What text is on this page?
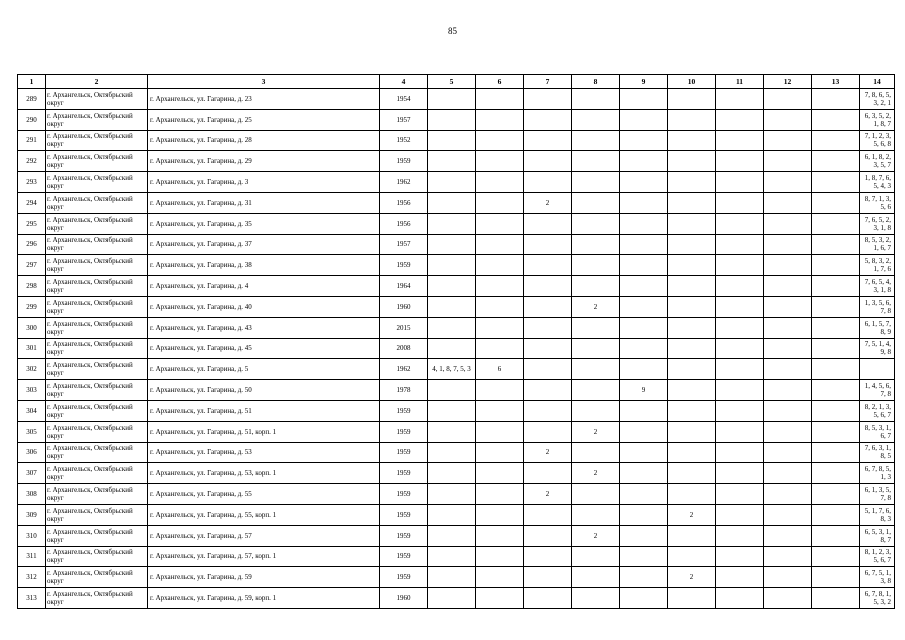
85
1	2	3	4	5	6	7	8	9	10	11	12	13	14
289	г. Архангельск, Октябрьский округ	г. Архангельск, ул. Гагарина, д. 23	1954										7, 8, 6, 5, 3, 2, 1
290	г. Архангельск, Октябрьский округ	г. Архангельск, ул. Гагарина, д. 25	1957										6, 3, 5, 2, 1, 8, 7
291	г. Архангельск, Октябрьский округ	г. Архангельск, ул. Гагарина, д. 28	1952										7, 1, 2, 3, 5, 6, 8
292	г. Архангельск, Октябрьский округ	г. Архангельск, ул. Гагарина, д. 29	1959										6, 1, 8, 2, 3, 5, 7
293	г. Архангельск, Октябрьский округ	г. Архангельск, ул. Гагарина, д. 3	1962										1, 8, 7, 6, 5, 4, 3
294	г. Архангельск, Октябрьский округ	г. Архангельск, ул. Гагарина, д. 31	1956			2							8, 7, 1, 3, 5, 6
295	г. Архангельск, Октябрьский округ	г. Архангельск, ул. Гагарина, д. 35	1956										7, 6, 5, 2, 3, 1, 8
296	г. Архангельск, Октябрьский округ	г. Архангельск, ул. Гагарина, д. 37	1957										8, 5, 3, 2, 1, 6, 7
297	г. Архангельск, Октябрьский округ	г. Архангельск, ул. Гагарина, д. 38	1959										5, 8, 3, 2, 1, 7, 6
298	г. Архангельск, Октябрьский округ	г. Архангельск, ул. Гагарина, д. 4	1964										7, 6, 5, 4, 3, 1, 8
299	г. Архангельск, Октябрьский округ	г. Архангельск, ул. Гагарина, д. 40	1960				2						1, 3, 5, 6, 7, 8
300	г. Архангельск, Октябрьский округ	г. Архангельск, ул. Гагарина, д. 43	2015										6, 1, 5, 7, 8, 9
301	г. Архангельск, Октябрьский округ	г. Архангельск, ул. Гагарина, д. 45	2008										7, 5, 1, 4, 9, 8
302	г. Архангельск, Октябрьский округ	г. Архангельск, ул. Гагарина, д. 5	1962	4, 1, 8, 7, 5, 3	6								
303	г. Архангельск, Октябрьский округ	г. Архангельск, ул. Гагарина, д. 50	1978					9					1, 4, 5, 6, 7, 8
304	г. Архангельск, Октябрьский округ	г. Архангельск, ул. Гагарина, д. 51	1959										8, 2, 1, 3, 5, 6, 7
305	г. Архангельск, Октябрьский округ	г. Архангельск, ул. Гагарина, д. 51, корп. 1	1959				2						8, 5, 3, 1, 6, 7
306	г. Архангельск, Октябрьский округ	г. Архангельск, ул. Гагарина, д. 53	1959			2							7, 6, 3, 1, 8, 5
307	г. Архангельск, Октябрьский округ	г. Архангельск, ул. Гагарина, д. 53, корп. 1	1959				2						6, 7, 8, 5, 1, 3
308	г. Архангельск, Октябрьский округ	г. Архангельск, ул. Гагарина, д. 55	1959			2							6, 1, 3, 5, 7, 8
309	г. Архангельск, Октябрьский округ	г. Архангельск, ул. Гагарина, д. 55, корп. 1	1959						2				5, 1, 7, 6, 8, 3
310	г. Архангельск, Октябрьский округ	г. Архангельск, ул. Гагарина, д. 57	1959				2						6, 5, 3, 1, 8, 7
311	г. Архангельск, Октябрьский округ	г. Архангельск, ул. Гагарина, д. 57, корп. 1	1959										8, 1, 2, 3, 5, 6, 7
312	г. Архангельск, Октябрьский округ	г. Архангельск, ул. Гагарина, д. 59	1959						2				6, 7, 5, 1, 3, 8
313	г. Архангельск, Октябрьский округ	г. Архангельск, ул. Гагарина, д. 59, корп. 1	1960										6, 7, 8, 1, 5, 3, 2
